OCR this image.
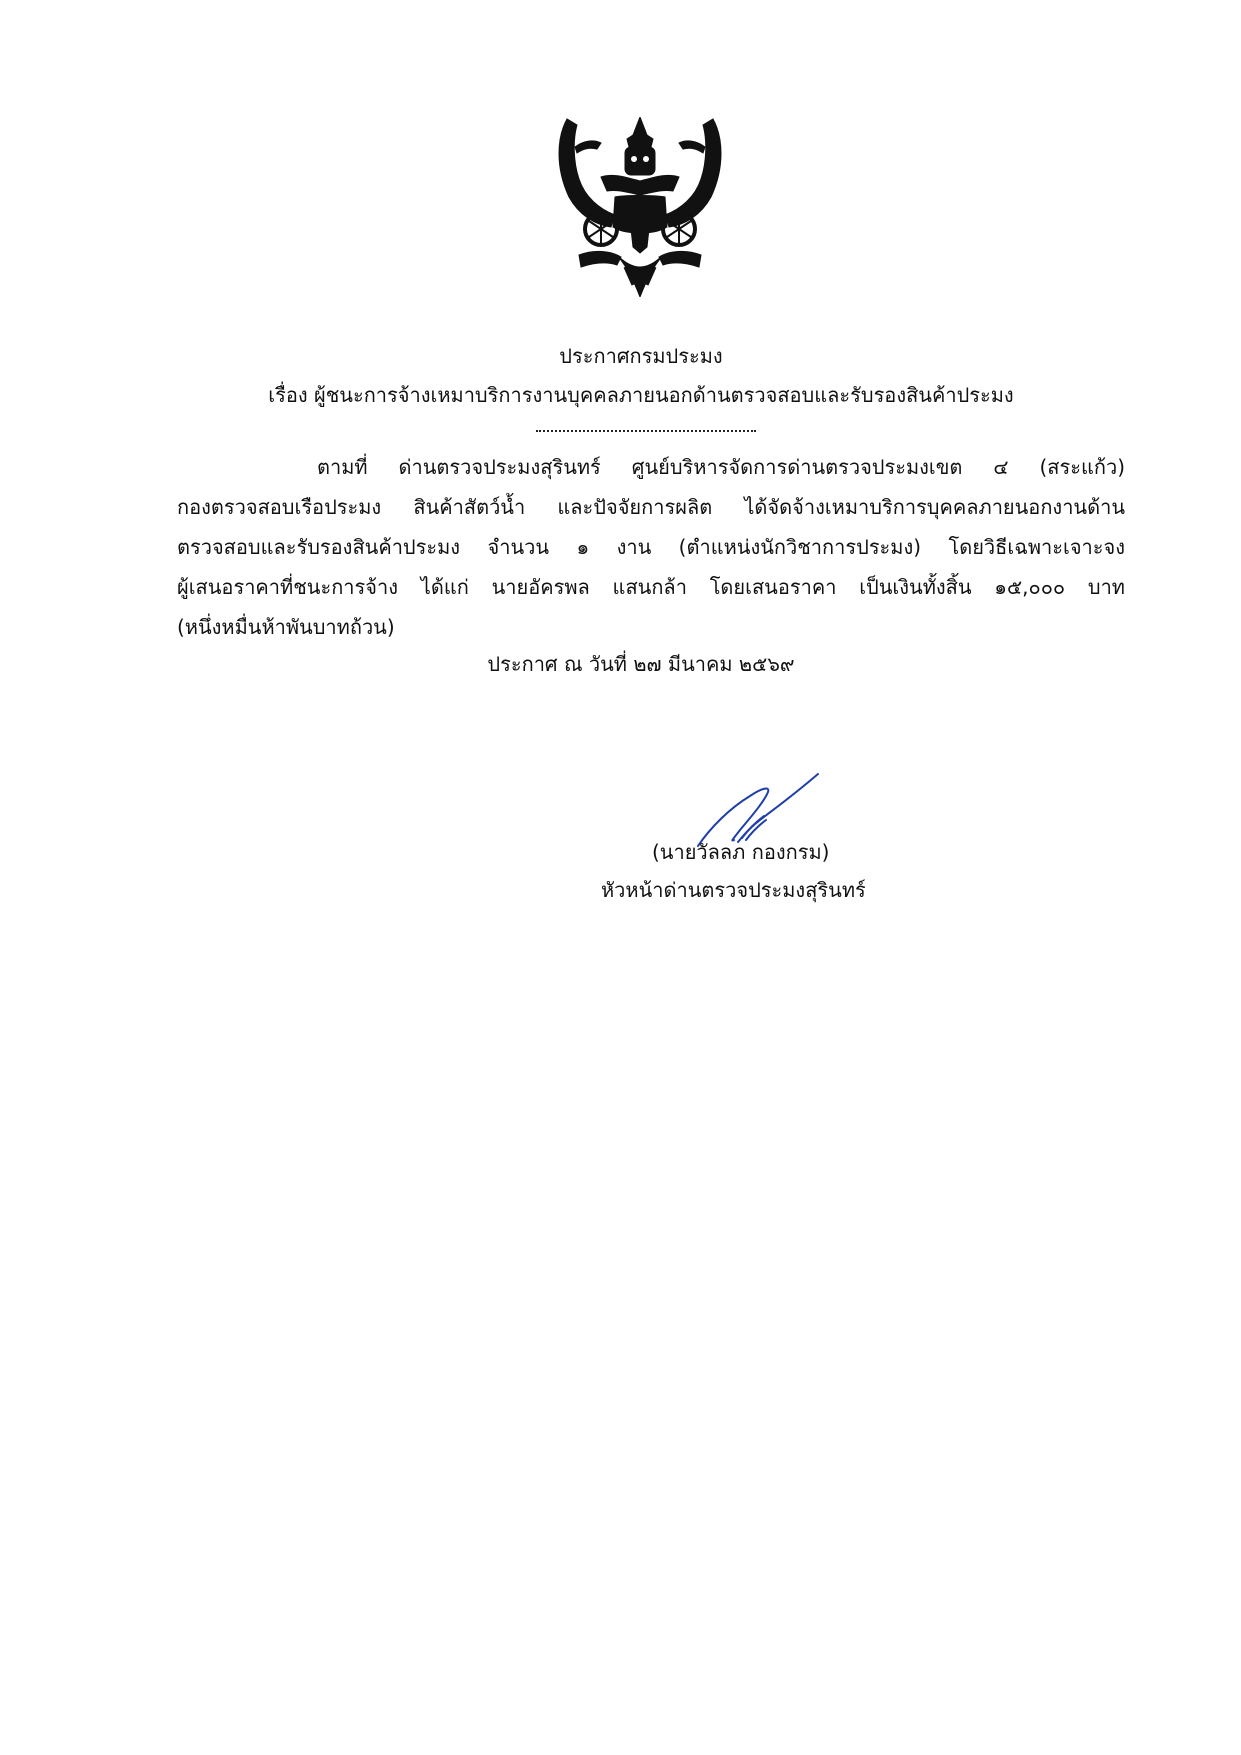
ประกาศกรมประมง
เรื่อง ผู้ชนะการจ้างเหมาบริการงานบุคคลภายนอกด้านตรวจสอบและรับรองสินค้าประมง
ตามที่ ด่านตรวจประมงสุรินทร์ ศูนย์บริหารจัดการด่านตรวจประมงเขต ๔ (สระแก้ว)
กองตรวจสอบเรือประมง สินค้าสัตว์น้ำ และปัจจัยการผลิต ได้จัดจ้างเหมาบริการบุคคลภายนอกงานด้าน
ตรวจสอบและรับรองสินค้าประมง จำนวน ๑ งาน (ตำแหน่งนักวิชาการประมง) โดยวิธีเฉพาะเจาะจง
ผู้เสนอราคาที่ชนะการจ้าง ได้แก่ นายอัครพล แสนกล้า โดยเสนอราคา เป็นเงินทั้งสิ้น ๑๕,๐๐๐ บาท
(หนึ่งหมื่นห้าพันบาทถ้วน)
ประกาศ ณ วันที่ ๒๗ มีนาคม ๒๕๖๙
(นายวัลลภ กองกรม)
หัวหน้าด่านตรวจประมงสุรินทร์
